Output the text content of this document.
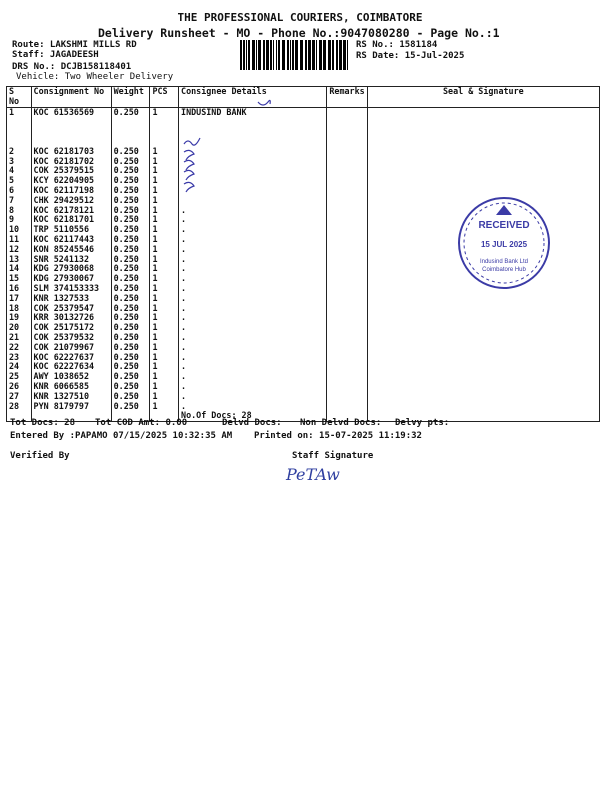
THE PROFESSIONAL COURIERS, COIMBATORE
Delivery Runsheet - MO - Phone No.:9047080280 - Page No.:1
Route: LAKSHMI MILLS RD
Staff: JAGADEESH
DRS No.: DCJB158118401
Vehicle: Two Wheeler Delivery
RS No.: 1581184
RS Date: 15-Jul-2025
S No	Consignment No	Weight	PCS	Consignee Details	Remarks	Seal & Signature
1	KOC 61536569	0.250	1	INDUSIND BANK		

2	KOC 62181703	0.250	1			
3	KOC 62181702	0.250	1			
4	COK 25379515	0.250	1			
5	KCY 62204905	0.250	1			
6	KOC 62117198	0.250	1			
7	CHK 29429512	0.250	1			
8	KOC 62178121	0.250	1	.		
9	KOC 62181701	0.250	1	.		
10	TRP 5110556	0.250	1	.		
11	KOC 62117443	0.250	1	.		
12	KON 85245546	0.250	1	.		
13	SNR 5241132	0.250	1	.		
14	KDG 27930068	0.250	1	.		
15	KDG 27930067	0.250	1	.		
16	SLM 374153333	0.250	1	.		
17	KNR 1327533	0.250	1	.		
18	COK 25379547	0.250	1	.		
19	KRR 30132726	0.250	1	.		
20	COK 25175172	0.250	1	.		
21	COK 25379532	0.250	1	.		
22	COK 21079967	0.250	1	.		
23	KOC 62227637	0.250	1	.		
24	KOC 62227634	0.250	1	.		
25	AWY 1038652	0.250	1	.		
26	KNR 6066585	0.250	1	.		
27	KNR 1327510	0.250	1	.		
28	PYN 8179797	0.250	1	.		
				No.Of Docs: 28		
RECEIVED
15 JUL 2025
Indusind Bank Ltd
Coimbatore Hub
Tot Docs: 28 Tot COD Amt: 0.00	Delvd Docs: Non Delvd Docs: Delvy pts:
Entered By :PAPAMO 07/15/2025 10:32:35 AM Printed on: 15-07-2025 11:19:32
Verified By	Staff Signature
PeTAw
